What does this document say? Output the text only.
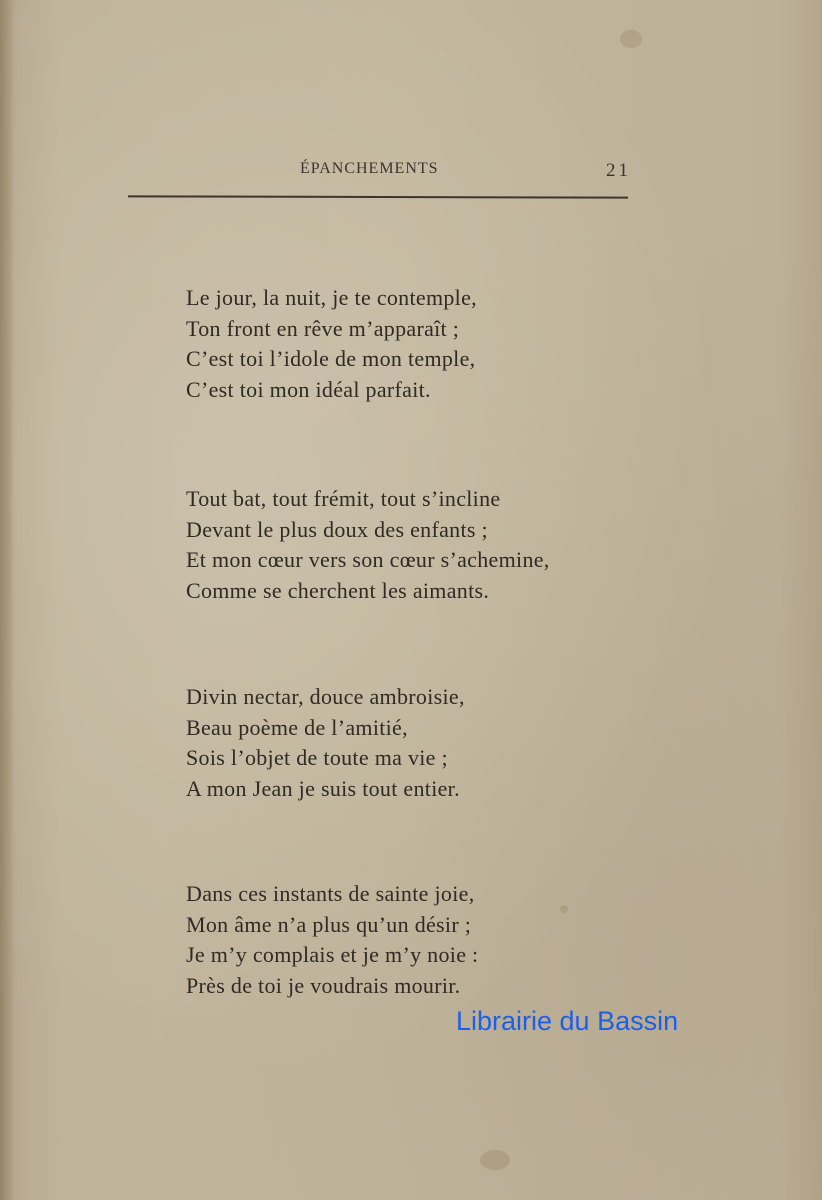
ÉPANCHEMENTS	21
Le jour, la nuit, je te contemple,
Ton front en rêve m’apparaît ;
C’est toi l’idole de mon temple,
C’est toi mon idéal parfait.
Tout bat, tout frémit, tout s’incline
Devant le plus doux des enfants ;
Et mon cœur vers son cœur s’achemine,
Comme se cherchent les aimants.
Divin nectar, douce ambroisie,
Beau poème de l’amitié,
Sois l’objet de toute ma vie ;
A mon Jean je suis tout entier.
Dans ces instants de sainte joie,
Mon âme n’a plus qu’un désir ;
Je m’y complais et je m’y noie :
Près de toi je voudrais mourir.
Librairie du Bassin
